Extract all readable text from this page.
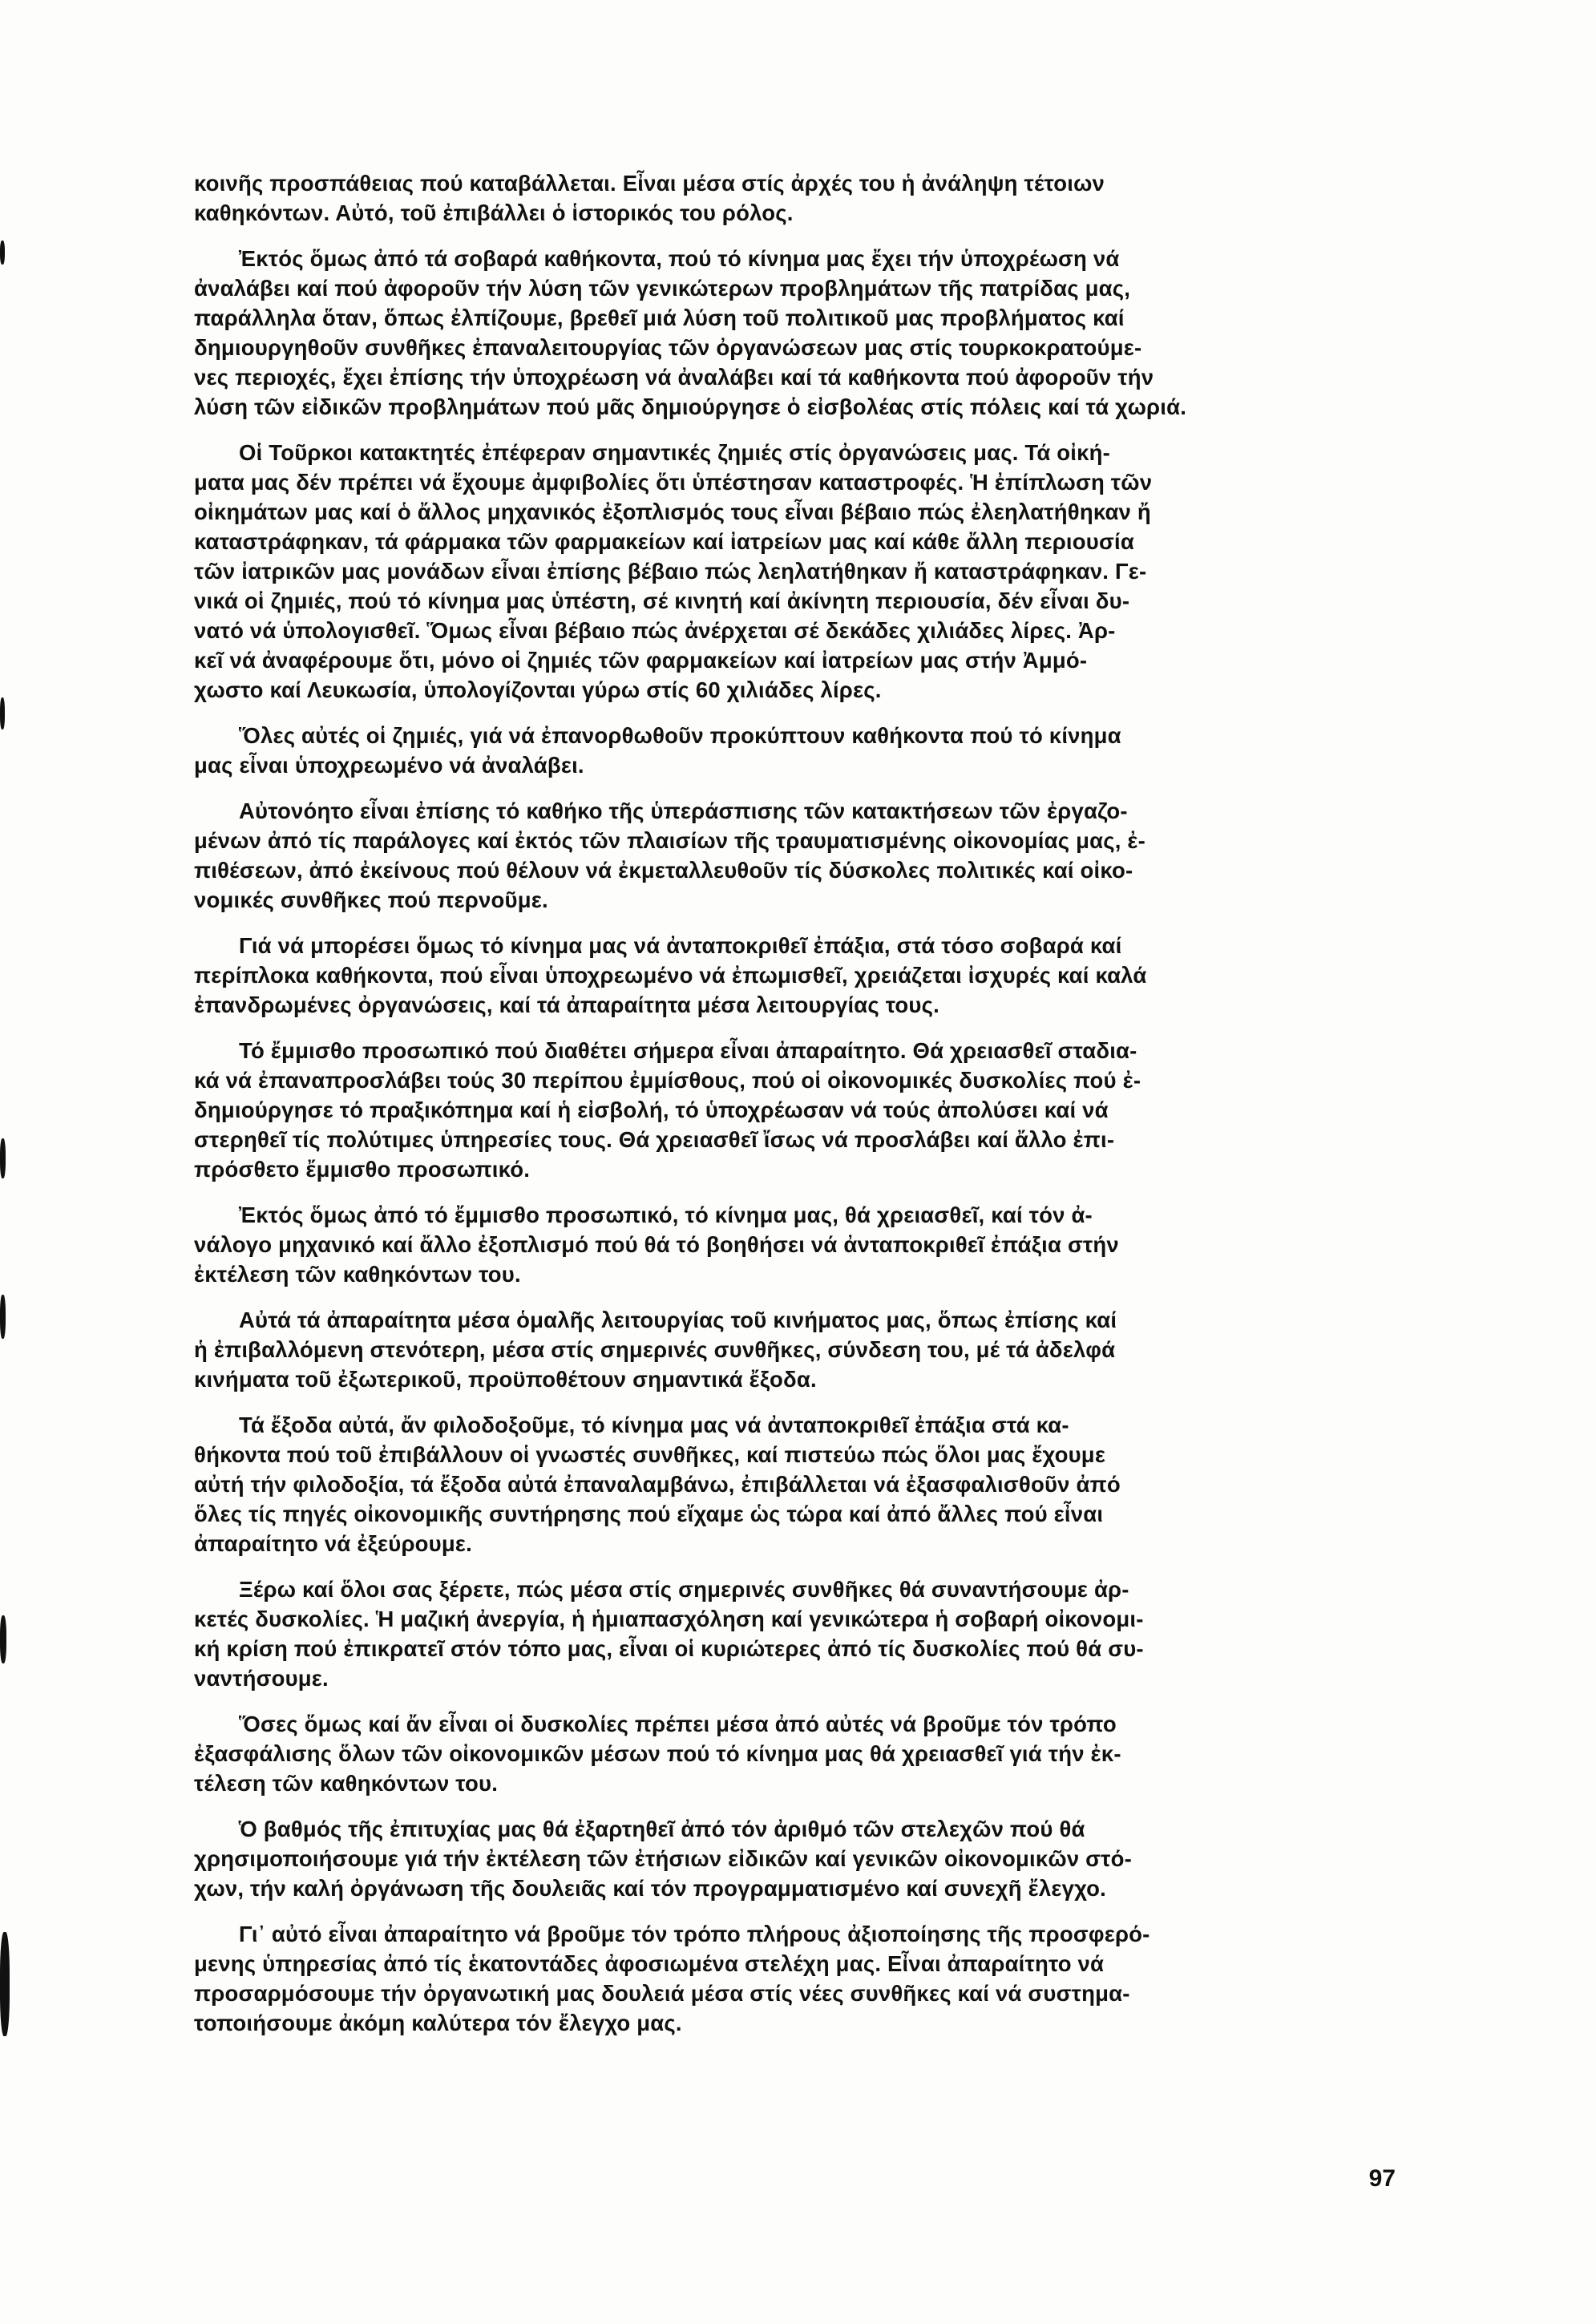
κοινῆς προσπάθειας πού καταβάλλεται. Εἶναι μέσα στίς ἀρχές του ἡ ἀνάληψη τέτοιων
καθηκόντων. Αὐτό, τοῦ ἐπιβάλλει ὁ ἱστορικός του ρόλος.

Ἐκτός ὅμως ἀπό τά σοβαρά καθήκοντα, πού τό κίνημα μας ἔχει τήν ὑποχρέωση νά
ἀναλάβει καί πού ἀφοροῦν τήν λύση τῶν γενικώτερων προβλημάτων τῆς πατρίδας μας,
παράλληλα ὅταν, ὅπως ἐλπίζουμε, βρεθεῖ μιά λύση τοῦ πολιτικοῦ μας προβλήματος καί
δημιουργηθοῦν συνθῆκες ἐπαναλειτουργίας τῶν ὀργανώσεων μας στίς τουρκοκρατούμε-
νες περιοχές, ἔχει ἐπίσης τήν ὑποχρέωση νά ἀναλάβει καί τά καθήκοντα πού ἀφοροῦν τήν
λύση τῶν εἰδικῶν προβλημάτων πού μᾶς δημιούργησε ὁ εἰσβολέας στίς πόλεις καί τά χωριά.

Οἱ Τοῦρκοι κατακτητές ἐπέφεραν σημαντικές ζημιές στίς ὀργανώσεις μας. Τά οἰκή-
ματα μας δέν πρέπει νά ἔχουμε ἀμφιβολίες ὅτι ὑπέστησαν καταστροφές. Ἡ ἐπίπλωση τῶν
οἰκημάτων μας καί ὁ ἄλλος μηχανικός ἐξοπλισμός τους εἶναι βέβαιο πώς ἐλεηλατήθηκαν ἤ
καταστράφηκαν, τά φάρμακα τῶν φαρμακείων καί ἰατρείων μας καί κάθε ἄλλη περιουσία
τῶν ἰατρικῶν μας μονάδων εἶναι ἐπίσης βέβαιο πώς λεηλατήθηκαν ἤ καταστράφηκαν. Γε-
νικά οἱ ζημιές, πού τό κίνημα μας ὑπέστη, σέ κινητή καί ἀκίνητη περιουσία, δέν εἶναι δυ-
νατό νά ὑπολογισθεῖ. Ὅμως εἶναι βέβαιο πώς ἀνέρχεται σέ δεκάδες χιλιάδες λίρες. Ἀρ-
κεῖ νά ἀναφέρουμε ὅτι, μόνο οἱ ζημιές τῶν φαρμακείων καί ἰατρείων μας στήν Ἀμμό-
χωστο καί Λευκωσία, ὑπολογίζονται γύρω στίς 60 χιλιάδες λίρες.

Ὅλες αὐτές οἱ ζημιές, γιά νά ἐπανορθωθοῦν προκύπτουν καθήκοντα πού τό κίνημα
μας εἶναι ὑποχρεωμένο νά ἀναλάβει.

Αὐτονόητο εἶναι ἐπίσης τό καθήκο τῆς ὑπεράσπισης τῶν κατακτήσεων τῶν ἐργαζο-
μένων ἀπό τίς παράλογες καί ἐκτός τῶν πλαισίων τῆς τραυματισμένης οἰκονομίας μας, ἐ-
πιθέσεων, ἀπό ἐκείνους πού θέλουν νά ἐκμεταλλευθοῦν τίς δύσκολες πολιτικές καί οἰκο-
νομικές συνθῆκες πού περνοῦμε.

Γιά νά μπορέσει ὅμως τό κίνημα μας νά ἀνταποκριθεῖ ἐπάξια, στά τόσο σοβαρά καί
περίπλοκα καθήκοντα, πού εἶναι ὑποχρεωμένο νά ἐπωμισθεῖ, χρειάζεται ἰσχυρές καί καλά
ἐπανδρωμένες ὀργανώσεις, καί τά ἀπαραίτητα μέσα λειτουργίας τους.

Τό ἔμμισθο προσωπικό πού διαθέτει σήμερα εἶναι ἀπαραίτητο. Θά χρειασθεῖ σταδια-
κά νά ἐπαναπροσλάβει τούς 30 περίπου ἐμμίσθους, πού οἱ οἰκονομικές δυσκολίες πού ἐ-
δημιούργησε τό πραξικόπημα καί ἡ εἰσβολή, τό ὑποχρέωσαν νά τούς ἀπολύσει καί νά
στερηθεῖ τίς πολύτιμες ὑπηρεσίες τους. Θά χρειασθεῖ ἴσως νά προσλάβει καί ἄλλο ἐπι-
πρόσθετο ἔμμισθο προσωπικό.

Ἐκτός ὅμως ἀπό τό ἔμμισθο προσωπικό, τό κίνημα μας, θά χρειασθεῖ, καί τόν ἀ-
νάλογο μηχανικό καί ἄλλο ἐξοπλισμό πού θά τό βοηθήσει νά ἀνταποκριθεῖ ἐπάξια στήν
ἐκτέλεση τῶν καθηκόντων του.

Αὐτά τά ἀπαραίτητα μέσα ὁμαλῆς λειτουργίας τοῦ κινήματος μας, ὅπως ἐπίσης καί
ἡ ἐπιβαλλόμενη στενότερη, μέσα στίς σημερινές συνθῆκες, σύνδεση του, μέ τά ἀδελφά
κινήματα τοῦ ἐξωτερικοῦ, προϋποθέτουν σημαντικά ἔξοδα.

Τά ἔξοδα αὐτά, ἄν φιλοδοξοῦμε, τό κίνημα μας νά ἀνταποκριθεῖ ἐπάξια στά κα-
θήκοντα πού τοῦ ἐπιβάλλουν οἱ γνωστές συνθῆκες, καί πιστεύω πώς ὅλοι μας ἔχουμε
αὐτή τήν φιλοδοξία, τά ἔξοδα αὐτά ἐπαναλαμβάνω, ἐπιβάλλεται νά ἐξασφαλισθοῦν ἀπό
ὅλες τίς πηγές οἰκονομικῆς συντήρησης πού εἴχαμε ὡς τώρα καί ἀπό ἄλλες πού εἶναι
ἀπαραίτητο νά ἐξεύρουμε.

Ξέρω καί ὅλοι σας ξέρετε, πώς μέσα στίς σημερινές συνθῆκες θά συναντήσουμε ἀρ-
κετές δυσκολίες. Ἡ μαζική ἀνεργία, ἡ ἡμιαπασχόληση καί γενικώτερα ἡ σοβαρή οἰκονομι-
κή κρίση πού ἐπικρατεῖ στόν τόπο μας, εἶναι οἱ κυριώτερες ἀπό τίς δυσκολίες πού θά συ-
ναντήσουμε.

Ὅσες ὅμως καί ἄν εἶναι οἱ δυσκολίες πρέπει μέσα ἀπό αὐτές νά βροῦμε τόν τρόπο
ἐξασφάλισης ὅλων τῶν οἰκονομικῶν μέσων πού τό κίνημα μας θά χρειασθεῖ γιά τήν ἐκ-
τέλεση τῶν καθηκόντων του.

Ὁ βαθμός τῆς ἐπιτυχίας μας θά ἐξαρτηθεῖ ἀπό τόν ἀριθμό τῶν στελεχῶν πού θά
χρησιμοποιήσουμε γιά τήν ἐκτέλεση τῶν ἐτήσιων εἰδικῶν καί γενικῶν οἰκονομικῶν στό-
χων, τήν καλή ὀργάνωση τῆς δουλειᾶς καί τόν προγραμματισμένο καί συνεχῆ ἔλεγχο.

Γι᾽ αὐτό εἶναι ἀπαραίτητο νά βροῦμε τόν τρόπο πλήρους ἀξιοποίησης τῆς προσφερό-
μενης ὑπηρεσίας ἀπό τίς ἑκατοντάδες ἀφοσιωμένα στελέχη μας. Εἶναι ἀπαραίτητο νά
προσαρμόσουμε τήν ὀργανωτική μας δουλειά μέσα στίς νέες συνθῆκες καί νά συστημα-
τοποιήσουμε ἀκόμη καλύτερα τόν ἔλεγχο μας.

97
